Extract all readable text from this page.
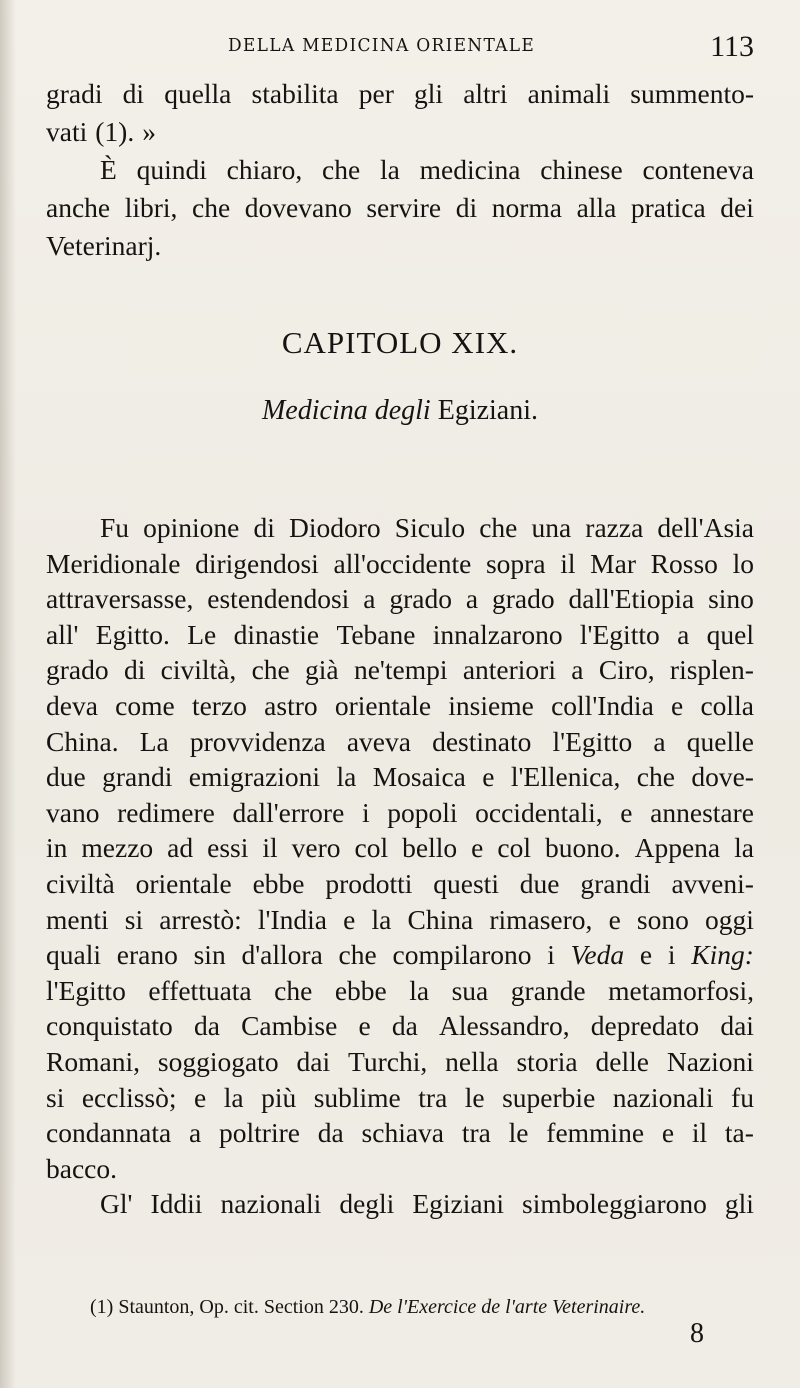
DELLA MEDICINA ORIENTALE	113
CAPITOLO XIX.
Medicina degli Egiziani.
(1) Staunton, Op. cit. Section 230. De l'Exercice de l'arte Veterinaire.
8
gradi di quella stabilita per gli altri animali summento-
vati (1). »
È quindi chiaro, che la medicina chinese conteneva
anche libri, che dovevano servire di norma alla pratica dei
Veterinarj.
Fu opinione di Diodoro Siculo che una razza dell'Asia
Meridionale dirigendosi all'occidente sopra il Mar Rosso lo
attraversasse, estendendosi a grado a grado dall'Etiopia sino
all' Egitto. Le dinastie Tebane innalzarono l'Egitto a quel
grado di civiltà, che già ne'tempi anteriori a Ciro, risplen-
deva come terzo astro orientale insieme coll'India e colla
China. La provvidenza aveva destinato l'Egitto a quelle
due grandi emigrazioni la Mosaica e l'Ellenica, che dove-
vano redimere dall'errore i popoli occidentali, e annestare
in mezzo ad essi il vero col bello e col buono. Appena la
civiltà orientale ebbe prodotti questi due grandi avveni-
menti si arrestò: l'India e la China rimasero, e sono oggi
quali erano sin d'allora che compilarono i Veda e i King:
l'Egitto effettuata che ebbe la sua grande metamorfosi,
conquistato da Cambise e da Alessandro, depredato dai
Romani, soggiogato dai Turchi, nella storia delle Nazioni
si ecclissò; e la più sublime tra le superbie nazionali fu
condannata a poltrire da schiava tra le femmine e il ta-
bacco.
Gl' Iddii nazionali degli Egiziani simboleggiarono gli
